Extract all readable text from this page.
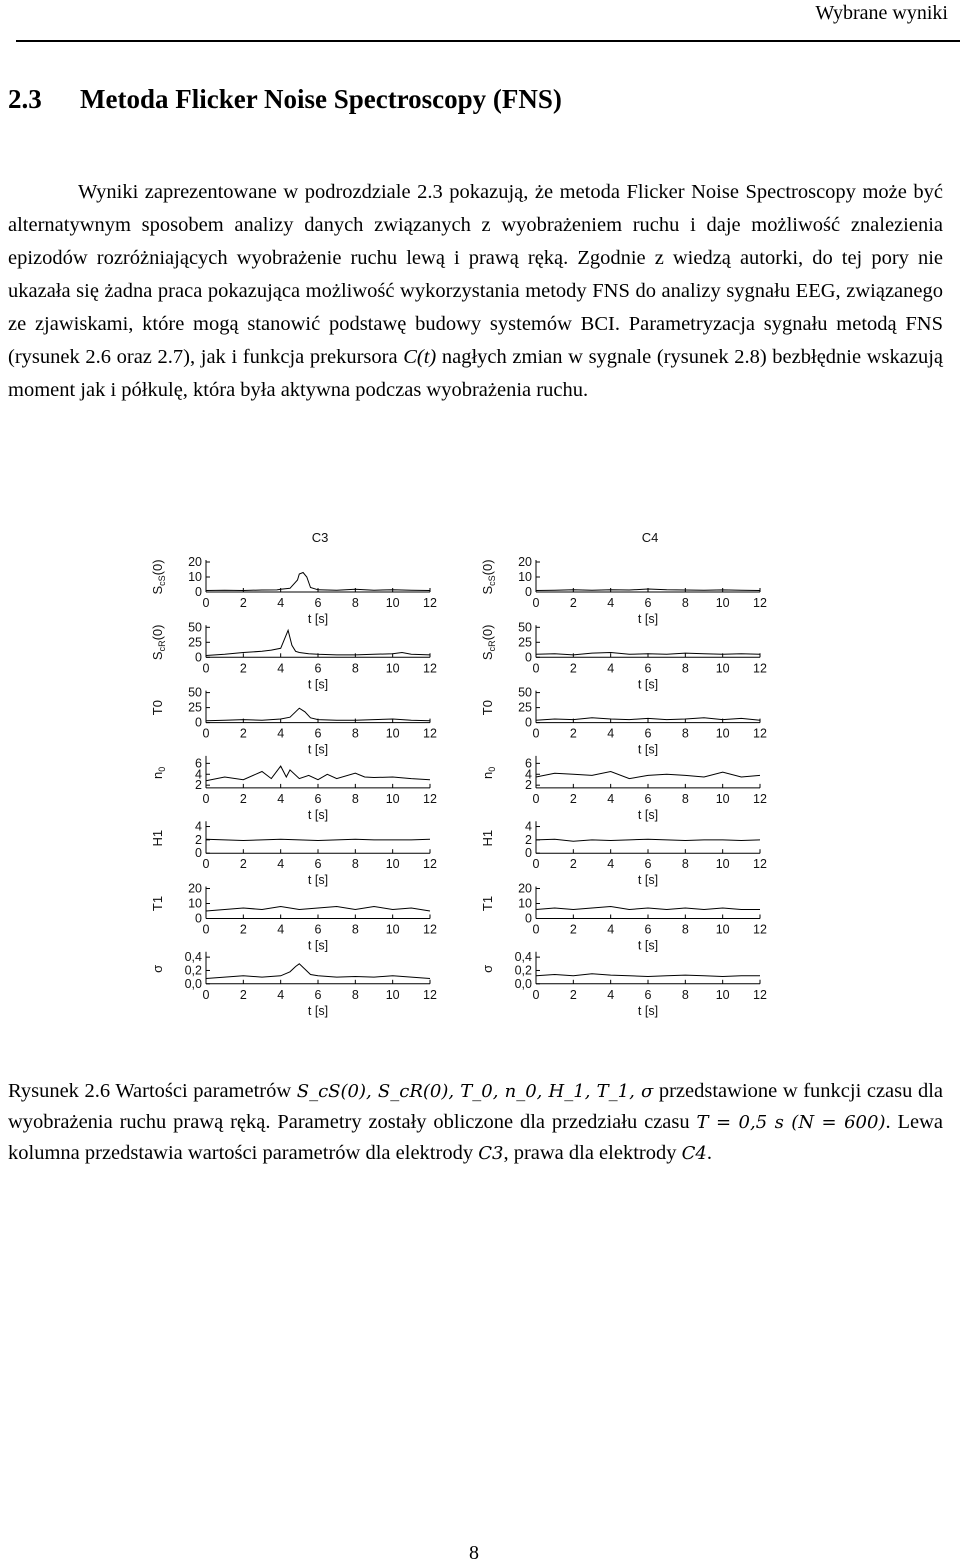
Wybrane wyniki
2.3 Metoda Flicker Noise Spectroscopy (FNS)

Wyniki zaprezentowane w podrozdziale 2.3 pokazują, że metoda Flicker Noise Spectroscopy może być alternatywnym sposobem analizy danych związanych z wyobrażeniem ruchu i daje możliwość znalezienia epizodów rozróżniających wyobrażenie ruchu lewą i prawą ręką. Zgodnie z wiedzą autorki, do tej pory nie ukazała się żadna praca pokazująca możliwość wykorzystania metody FNS do analizy sygnału EEG, związanego ze zjawiskami, które mogą stanowić podstawę budowy systemów BCI. Parametryzacja sygnału metodą FNS (rysunek 2.6 oraz 2.7), jak i funkcja prekursora C(t) nagłych zmian w sygnale (rysunek 2.8) bezbłędnie wskazują moment jak i półkulę, która była aktywna podczas wyobrażenia ruchu.

C3
0
10
20
0 2 4 6 8 10 12
t [s]
$S_{cS}(0)$
0
25
50
0 2 4 6 8 10 12
t [s]
$S_{cR}(0)$
0
25
50
0 2 4 6 8 10 12
t [s]
T0
2
4
6
0 2 4 6 8 10 12
t [s]
$n_0$
0
2
4
0 2 4 6 8 10 12
t [s]
H1
0
10
20
0 2 4 6 8 10 12
t [s]
T1
0,0
0,2
0,4
0 2 4 6 8 10 12
t [s]
σ
C4
0
10
20
0 2 4 6 8 10 12
t [s]
$S_{cS}(0)$
0
25
50
0 2 4 6 8 10 12
t [s]
$S_{cR}(0)$
0
25
50
0 2 4 6 8 10 12
t [s]
T0
2
4
6
0 2 4 6 8 10 12
t [s]
$n_0$
0
2
4
0 2 4 6 8 10 12
t [s]
H1
0
10
20
0 2 4 6 8 10 12
t [s]
T1
0,0
0,2
0,4
0 2 4 6 8 10 12
t [s]
σ

Rysunek 2.6 Wartości parametrów S_cS(0), S_cR(0), T_0, n_0, H_1, T_1, σ przedstawione w funkcji czasu dla wyobrażenia ruchu prawą ręką. Parametry zostały obliczone dla przedziału czasu T = 0,5 s (N = 600). Lewa kolumna przedstawia wartości parametrów dla elektrody C3, prawa dla elektrody C4.

8
